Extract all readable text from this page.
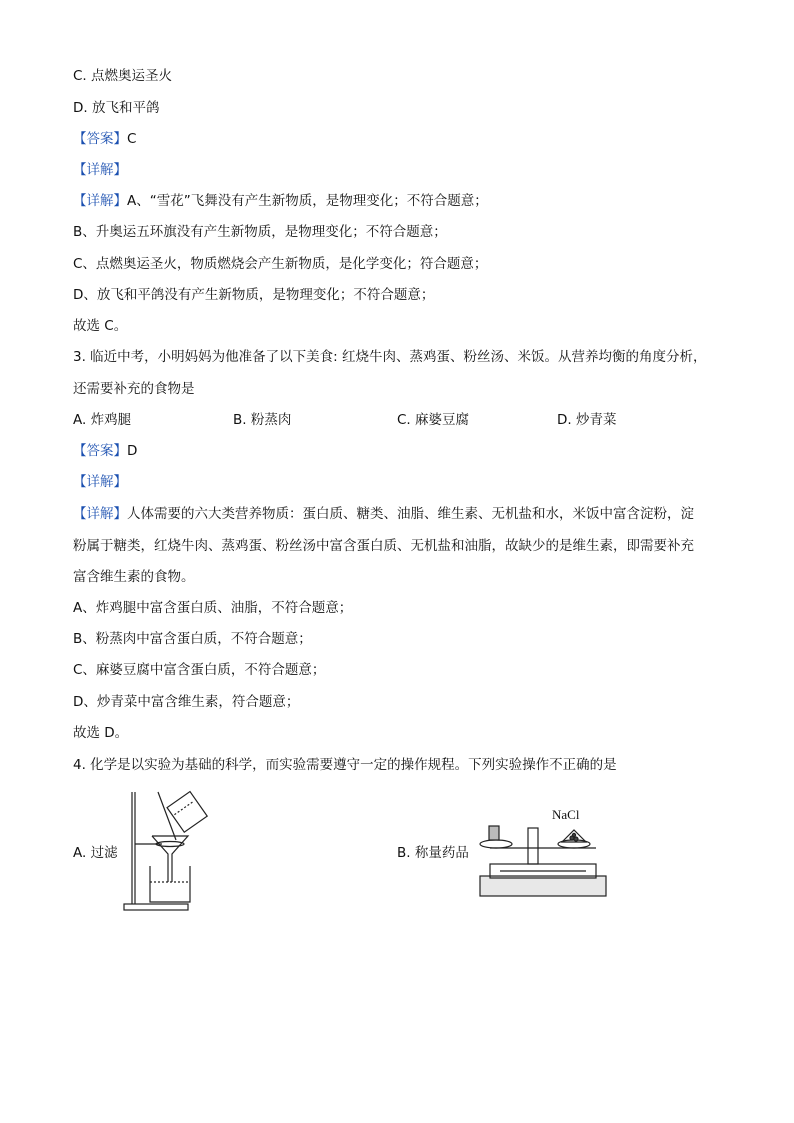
C. 点燃奥运圣火
D. 放飞和平鸽
【答案】C
【详解】
【详解】A、“雪花”飞舞没有产生新物质，是物理变化；不符合题意；
B、升奥运五环旗没有产生新物质，是物理变化；不符合题意；
C、点燃奥运圣火，物质燃烧会产生新物质，是化学变化；符合题意；
D、放飞和平鸽没有产生新物质，是物理变化；不符合题意；
故选 C。
3. 临近中考，小明妈妈为他准备了以下美食: 红烧牛肉、蒸鸡蛋、粉丝汤、米饭。从营养均衡的角度分析，
还需要补充的食物是
A. 炸鸡腿	B. 粉蒸肉	C. 麻婆豆腐	D. 炒青菜
【答案】D
【详解】
【详解】人体需要的六大类营养物质：蛋白质、糖类、油脂、维生素、无机盐和水，米饭中富含淀粉，淀
粉属于糖类，红烧牛肉、蒸鸡蛋、粉丝汤中富含蛋白质、无机盐和油脂，故缺少的是维生素，即需要补充
富含维生素的食物。
A、炸鸡腿中富含蛋白质、油脂，不符合题意；
B、粉蒸肉中富含蛋白质，不符合题意；
C、麻婆豆腐中富含蛋白质，不符合题意；
D、炒青菜中富含维生素，符合题意；
故选 D。
4. 化学是以实验为基础的科学，而实验需要遵守一定的操作规程。下列实验操作不正确的是
A. 过滤	B. 称量药品
NaCl
